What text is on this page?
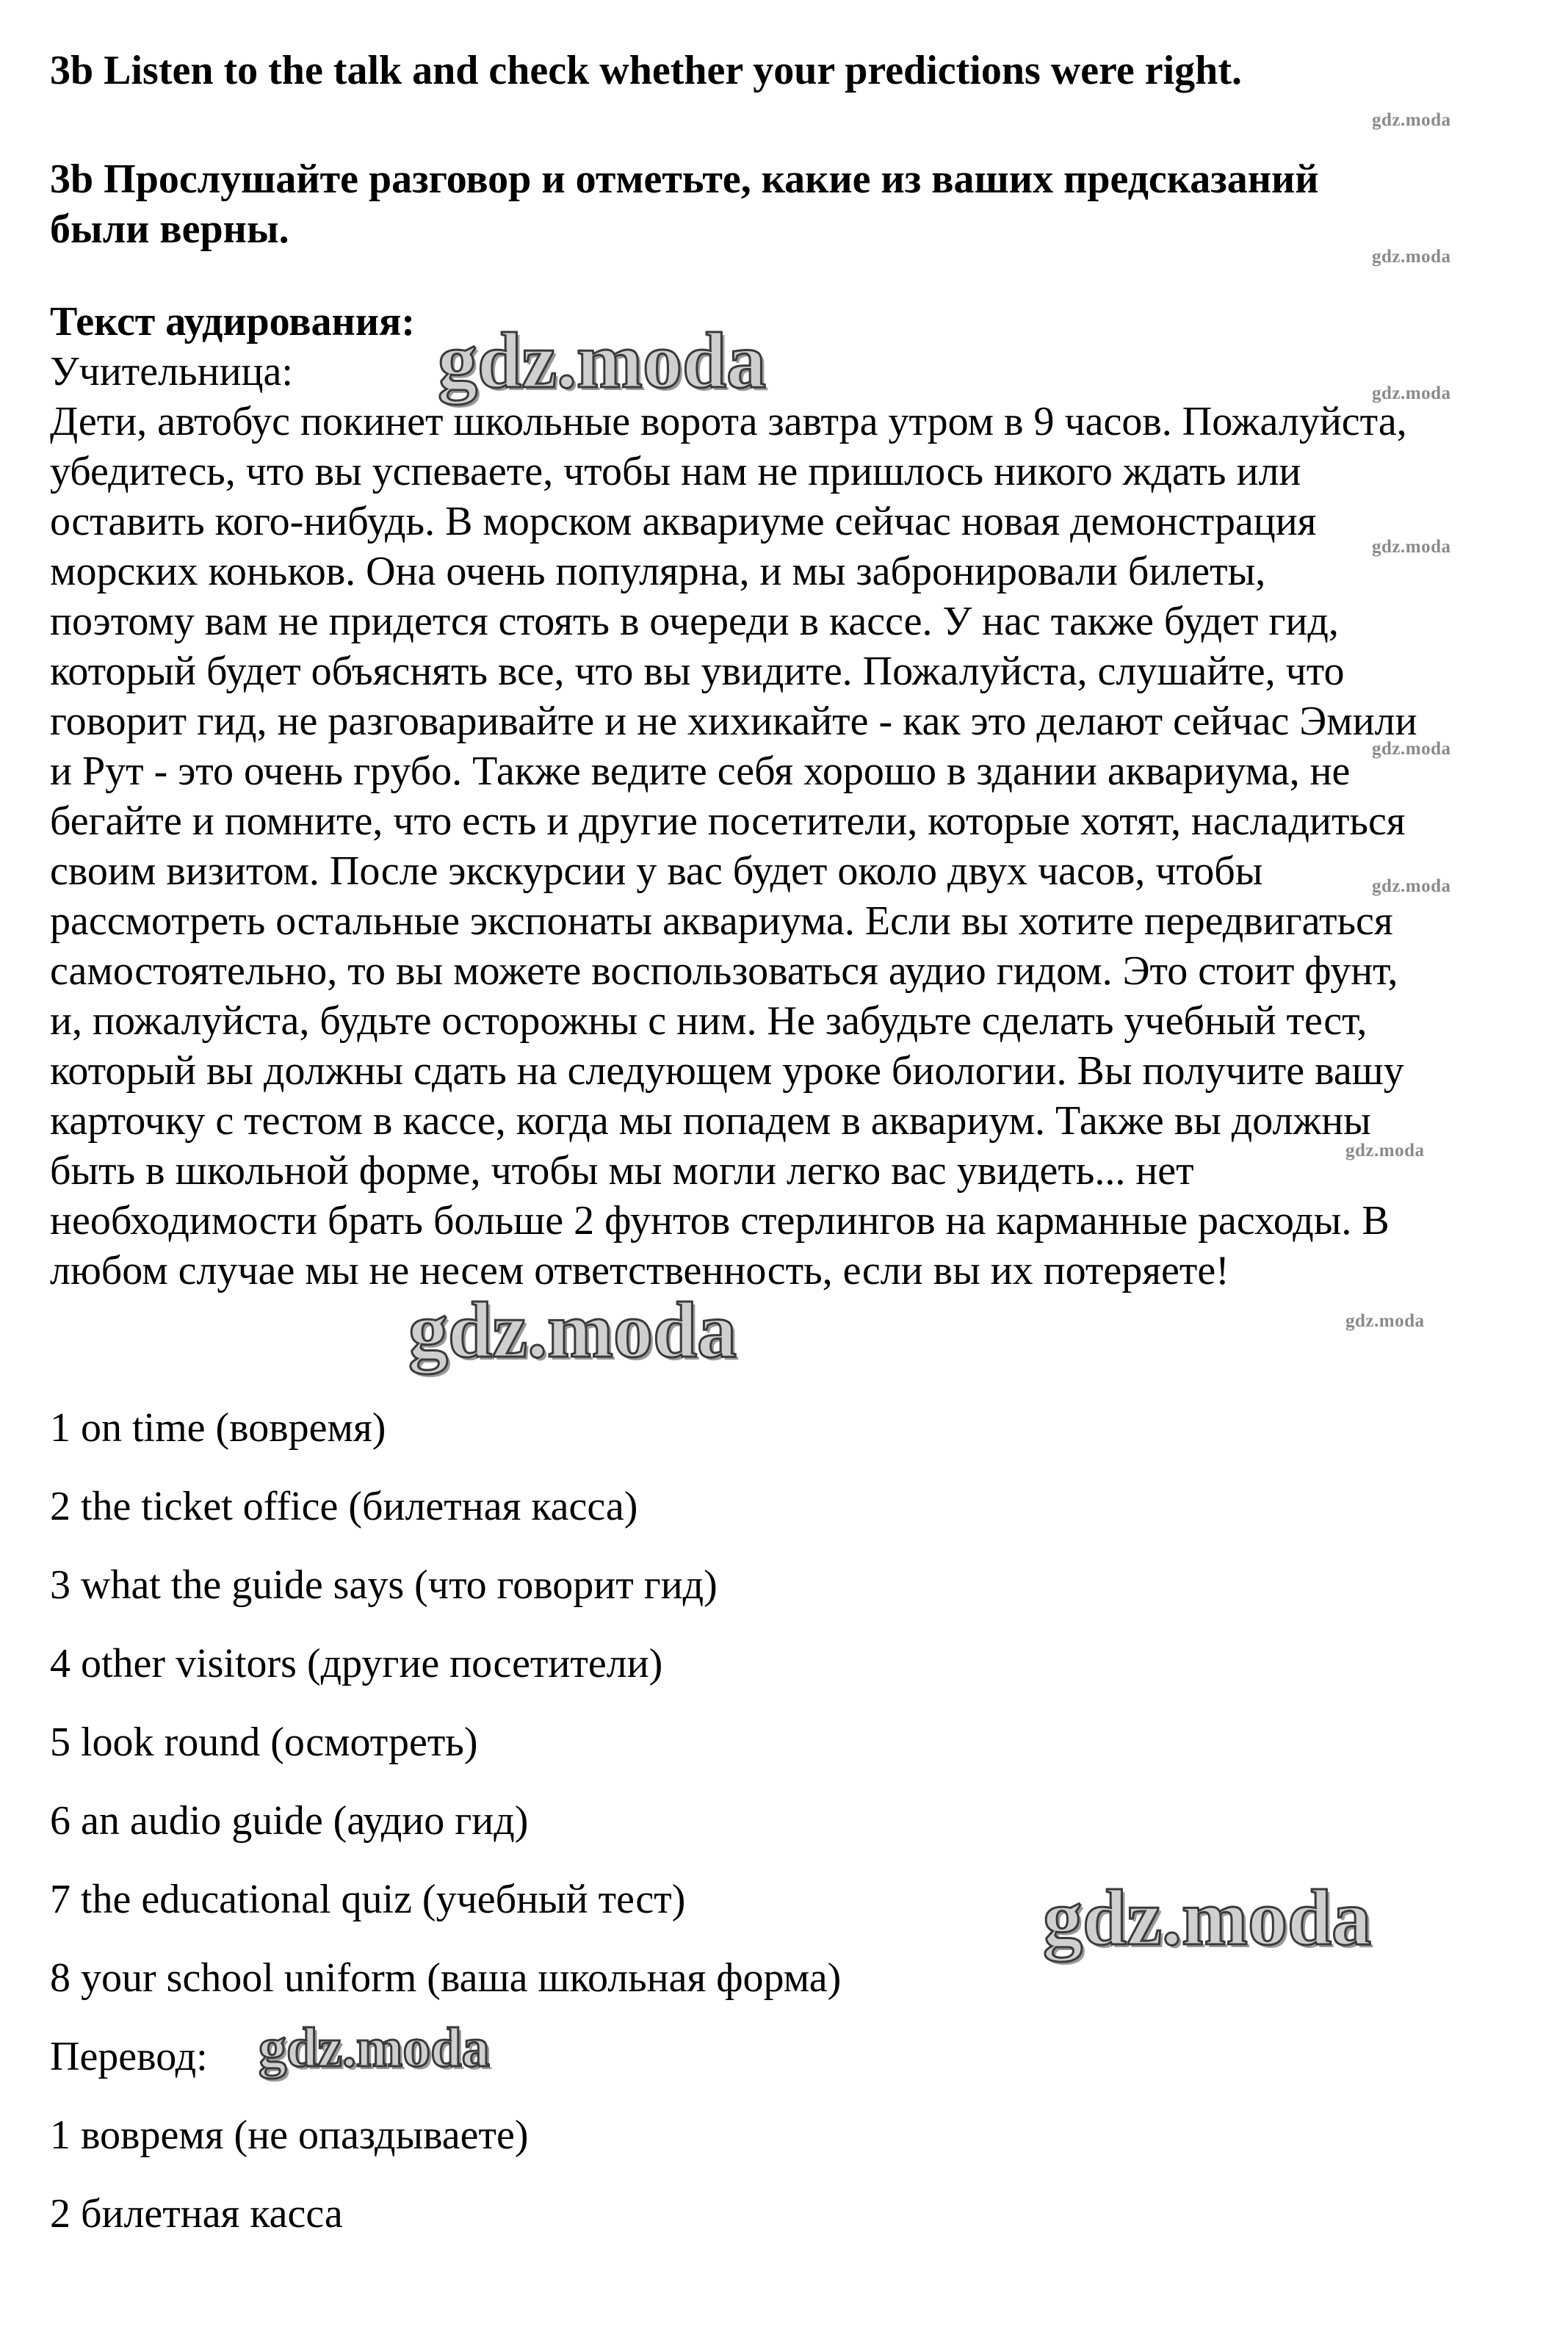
3b Listen to the talk and check whether your predictions were right.

3b Прослушайте разговор и отметьте, какие из ваших предсказаний

были верны.

Текст аудирования:

Учительница:
Дети, автобус покинет школьные ворота завтра утром в 9 часов. Пожалуйста,
убедитесь, что вы успеваете, чтобы нам не пришлось никого ждать или
оставить кого-нибудь. В морском аквариуме сейчас новая демонстрация
морских коньков. Она очень популярна, и мы забронировали билеты,
поэтому вам не придется стоять в очереди в кассе. У нас также будет гид,
который будет объяснять все, что вы увидите. Пожалуйста, слушайте, что
говорит гид, не разговаривайте и не хихикайте - как это делают сейчас Эмили
и Рут - это очень грубо. Также ведите себя хорошо в здании аквариума, не
бегайте и помните, что есть и другие посетители, которые хотят, насладиться
своим визитом. После экскурсии у вас будет около двух часов, чтобы
рассмотреть остальные экспонаты аквариума. Если вы хотите передвигаться
самостоятельно, то вы можете воспользоваться аудио гидом. Это стоит фунт,
и, пожалуйста, будьте осторожны с ним. Не забудьте сделать учебный тест,
который вы должны сдать на следующем уроке биологии. Вы получите вашу
карточку с тестом в кассе, когда мы попадем в аквариум. Также вы должны
быть в школьной форме, чтобы мы могли легко вас увидеть... нет
необходимости брать больше 2 фунтов стерлингов на карманные расходы. В
любом случае мы не несем ответственность, если вы их потеряете!

1 on time (вовремя)

2 the ticket office (билетная касса)

3 what the guide says (что говорит гид)

4 other visitors (другие посетители)

5 look round (осмотреть)

6 an audio guide (аудио гид)

7 the educational quiz (учебный тест)

8 your school uniform (ваша школьная форма)

Перевод:

1 вовремя (не опаздываете)

2 билетная касса

gdz.moda
gdz.moda
gdz.moda
gdz.moda
gdz.moda
gdz.moda
gdz.moda
gdz.moda
gdz.moda
gdz.moda
gdz.moda
gdz.moda
